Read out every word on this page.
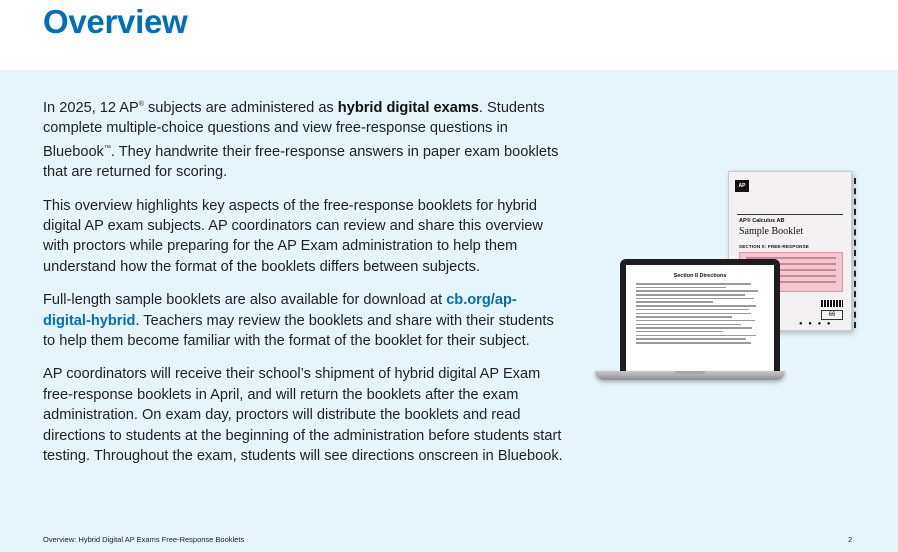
Overview

In 2025, 12 AP® subjects are administered as hybrid digital exams. Students complete multiple-choice questions and view free-response questions in Bluebook™. They handwrite their free-response answers in paper exam booklets that are returned for scoring.

This overview highlights key aspects of the free-response booklets for hybrid digital AP exam subjects. AP coordinators can review and share this overview with proctors while preparing for the AP Exam administration to help them understand how the format of the booklets differs between subjects.

Full-length sample booklets are also available for download at cb.org/ap-digital-hybrid. Teachers may review the booklets and share with their students to help them become familiar with the format of the booklet for their subject.

AP coordinators will receive their school’s shipment of hybrid digital AP Exam free-response booklets in April, and will return the booklets after the exam administration. On exam day, proctors will distribute the booklets and read directions to students at the beginning of the administration before students start testing. Throughout the exam, students will see directions onscreen in Bluebook.

AP
AP® Calculus AB
Sample Booklet
SECTION II: FREE-RESPONSE
66
● ● ● ●
Section II Directions
Overview: Hybrid Digital AP Exams Free-Response Booklets	2
